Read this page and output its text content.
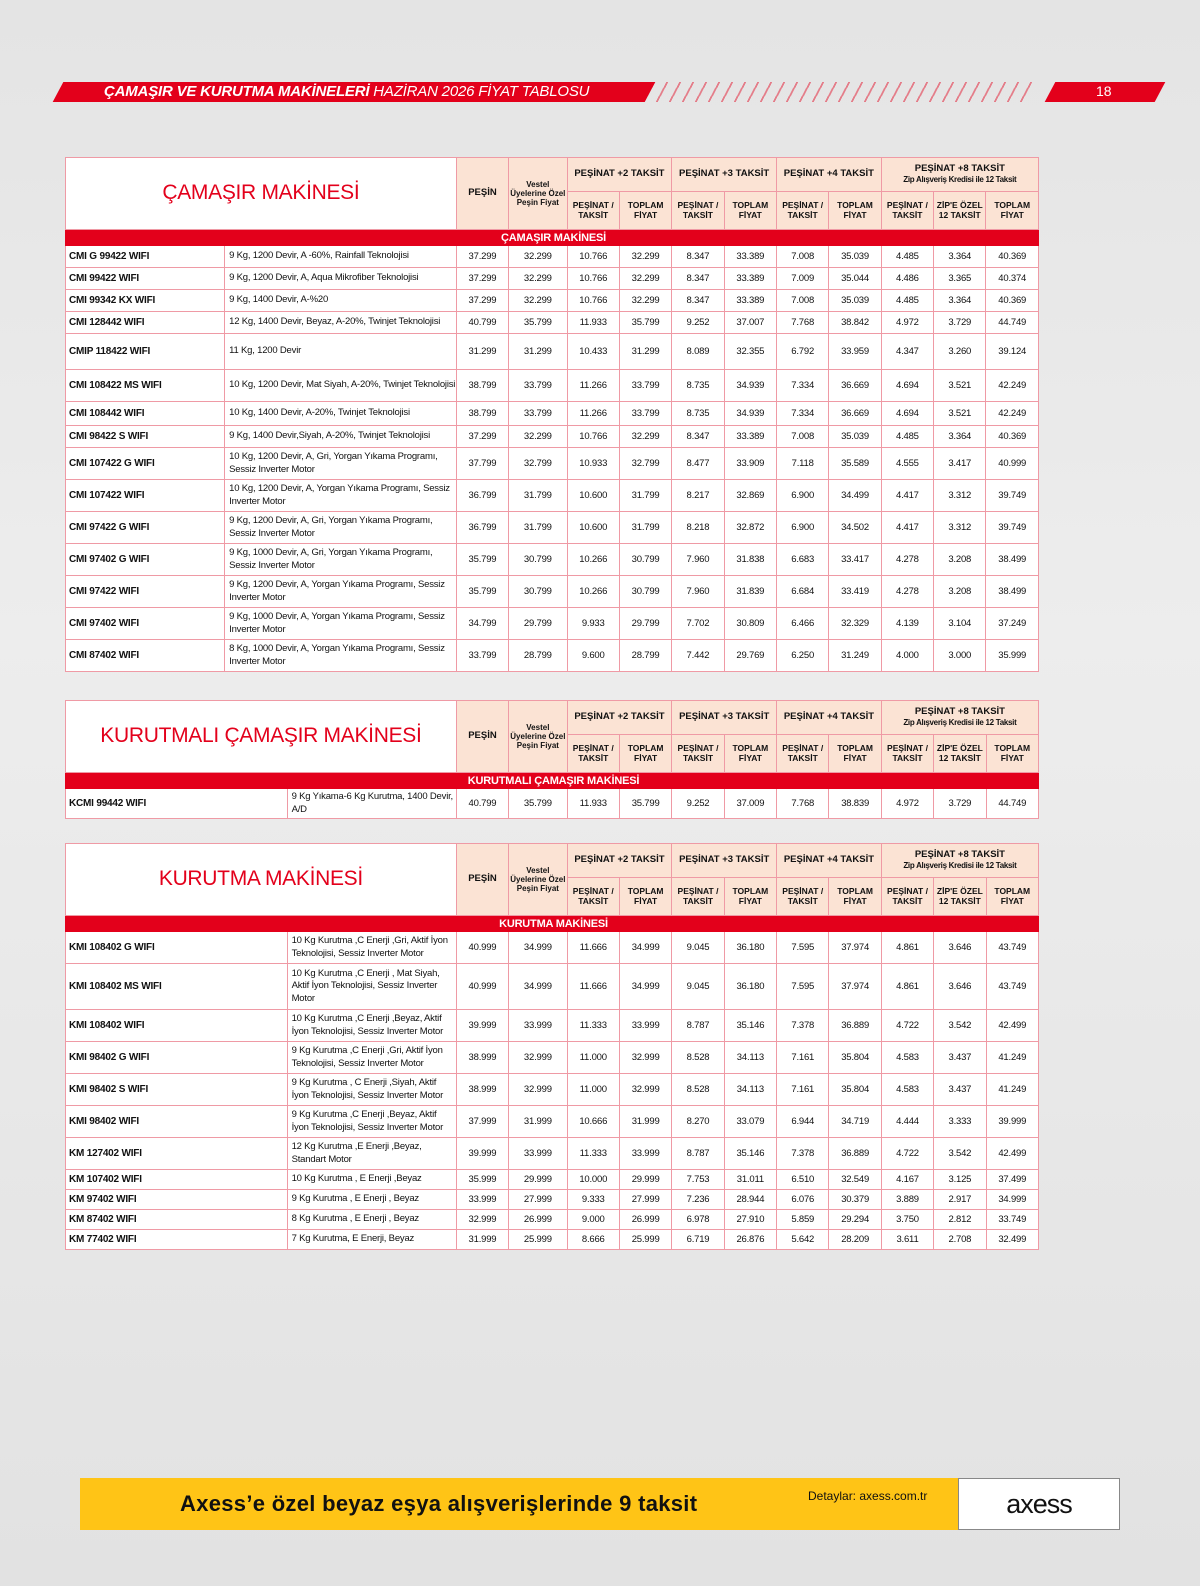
ÇAMAŞIR VE KURUTMA MAKİNELERİ HAZİRAN 2026 FİYAT TABLOSU	18
ÇAMAŞIR MAKİNESİ		PEŞİN	Vestel Üyelerine Özel Peşin Fiyat	PEŞİNAT +2 TAKSİT		PEŞİNAT +3 TAKSİT		PEŞİNAT +4 TAKSİT		PEŞİNAT +8 TAKSİT
Zip Alışveriş Kredisi ile 12 Taksit		

				PEŞİNAT / TAKSİT	TOPLAM FİYAT	PEŞİNAT / TAKSİT	TOPLAM FİYAT	PEŞİNAT / TAKSİT	TOPLAM FİYAT	PEŞİNAT / TAKSİT	ZİP'E ÖZEL 12 TAKSİT	TOPLAM FİYAT
ÇAMAŞIR MAKİNESİ												
CMI G 99422 WIFI	9 Kg, 1200 Devir, A -60%, Rainfall Teknolojisi	37.299	32.299	10.766	32.299	8.347	33.389	7.008	35.039	4.485	3.364	40.369
CMI 99422 WIFI	9 Kg, 1200 Devir, A, Aqua Mikrofiber Teknolojisi	37.299	32.299	10.766	32.299	8.347	33.389	7.009	35.044	4.486	3.365	40.374
CMI 99342 KX WIFI	9 Kg, 1400 Devir, A-%20	37.299	32.299	10.766	32.299	8.347	33.389	7.008	35.039	4.485	3.364	40.369
CMI 128442 WIFI	12 Kg, 1400 Devir, Beyaz, A-20%, Twinjet Teknolojisi	40.799	35.799	11.933	35.799	9.252	37.007	7.768	38.842	4.972	3.729	44.749
CMIP 118422 WIFI	11 Kg, 1200 Devir	31.299	31.299	10.433	31.299	8.089	32.355	6.792	33.959	4.347	3.260	39.124
CMI 108422 MS WIFI	10 Kg, 1200 Devir, Mat Siyah, A-20%, Twinjet Teknolojisi	38.799	33.799	11.266	33.799	8.735	34.939	7.334	36.669	4.694	3.521	42.249
CMI 108442 WIFI	10 Kg, 1400 Devir, A-20%, Twinjet Teknolojisi	38.799	33.799	11.266	33.799	8.735	34.939	7.334	36.669	4.694	3.521	42.249
CMI 98422 S WIFI	9 Kg, 1400 Devir,Siyah, A-20%, Twinjet Teknolojisi	37.299	32.299	10.766	32.299	8.347	33.389	7.008	35.039	4.485	3.364	40.369
CMI 107422 G WIFI	10 Kg, 1200 Devir, A, Gri, Yorgan Yıkama Programı, Sessiz Inverter Motor	37.799	32.799	10.933	32.799	8.477	33.909	7.118	35.589	4.555	3.417	40.999
CMI 107422 WIFI	10 Kg, 1200 Devir, A, Yorgan Yıkama Programı, Sessiz Inverter Motor	36.799	31.799	10.600	31.799	8.217	32.869	6.900	34.499	4.417	3.312	39.749
CMI 97422 G WIFI	9 Kg, 1200 Devir, A, Gri, Yorgan Yıkama Programı, Sessiz Inverter Motor	36.799	31.799	10.600	31.799	8.218	32.872	6.900	34.502	4.417	3.312	39.749
CMI 97402 G WIFI	9 Kg, 1000 Devir, A, Gri, Yorgan Yıkama Programı, Sessiz Inverter Motor	35.799	30.799	10.266	30.799	7.960	31.838	6.683	33.417	4.278	3.208	38.499
CMI 97422 WIFI	9 Kg, 1200 Devir, A, Yorgan Yıkama Programı, Sessiz Inverter Motor	35.799	30.799	10.266	30.799	7.960	31.839	6.684	33.419	4.278	3.208	38.499
CMI 97402 WIFI	9 Kg, 1000 Devir, A, Yorgan Yıkama Programı, Sessiz Inverter Motor	34.799	29.799	9.933	29.799	7.702	30.809	6.466	32.329	4.139	3.104	37.249
CMI 87402 WIFI	8 Kg, 1000 Devir, A, Yorgan Yıkama Programı, Sessiz Inverter Motor	33.799	28.799	9.600	28.799	7.442	29.769	6.250	31.249	4.000	3.000	35.999
KURUTMALI ÇAMAŞIR MAKİNESİ		PEŞİN	Vestel Üyelerine Özel Peşin Fiyat	PEŞİNAT +2 TAKSİT		PEŞİNAT +3 TAKSİT		PEŞİNAT +4 TAKSİT		PEŞİNAT +8 TAKSİT
Zip Alışveriş Kredisi ile 12 Taksit		

				PEŞİNAT / TAKSİT	TOPLAM FİYAT	PEŞİNAT / TAKSİT	TOPLAM FİYAT	PEŞİNAT / TAKSİT	TOPLAM FİYAT	PEŞİNAT / TAKSİT	ZİP'E ÖZEL 12 TAKSİT	TOPLAM FİYAT
KURUTMALI ÇAMAŞIR MAKİNESİ												
KCMI 99442 WIFI	9 Kg Yıkama-6 Kg Kurutma, 1400 Devir, A/D	40.799	35.799	11.933	35.799	9.252	37.009	7.768	38.839	4.972	3.729	44.749
KURUTMA MAKİNESİ		PEŞİN	Vestel Üyelerine Özel Peşin Fiyat	PEŞİNAT +2 TAKSİT		PEŞİNAT +3 TAKSİT		PEŞİNAT +4 TAKSİT		PEŞİNAT +8 TAKSİT
Zip Alışveriş Kredisi ile 12 Taksit		

				PEŞİNAT / TAKSİT	TOPLAM FİYAT	PEŞİNAT / TAKSİT	TOPLAM FİYAT	PEŞİNAT / TAKSİT	TOPLAM FİYAT	PEŞİNAT / TAKSİT	ZİP'E ÖZEL 12 TAKSİT	TOPLAM FİYAT
KURUTMA MAKİNESİ												
KMI 108402 G WIFI	10 Kg Kurutma ,C Enerji ,Gri, Aktif İyon Teknolojisi, Sessiz Inverter Motor	40.999	34.999	11.666	34.999	9.045	36.180	7.595	37.974	4.861	3.646	43.749
KMI 108402 MS WIFI	10 Kg Kurutma ,C Enerji , Mat Siyah, Aktif İyon Teknolojisi, Sessiz Inverter Motor	40.999	34.999	11.666	34.999	9.045	36.180	7.595	37.974	4.861	3.646	43.749
KMI 108402 WIFI	10 Kg Kurutma ,C Enerji ,Beyaz, Aktif İyon Teknolojisi, Sessiz Inverter Motor	39.999	33.999	11.333	33.999	8.787	35.146	7.378	36.889	4.722	3.542	42.499
KMI 98402 G WIFI	9 Kg Kurutma ,C Enerji ,Gri, Aktif İyon Teknolojisi, Sessiz Inverter Motor	38.999	32.999	11.000	32.999	8.528	34.113	7.161	35.804	4.583	3.437	41.249
KMI 98402 S WIFI	9 Kg Kurutma , C Enerji ,Siyah, Aktif İyon Teknolojisi, Sessiz Inverter Motor	38.999	32.999	11.000	32.999	8.528	34.113	7.161	35.804	4.583	3.437	41.249
KMI 98402 WIFI	9 Kg Kurutma ,C Enerji ,Beyaz, Aktif İyon Teknolojisi, Sessiz Inverter Motor	37.999	31.999	10.666	31.999	8.270	33.079	6.944	34.719	4.444	3.333	39.999
KM 127402 WIFI	12 Kg Kurutma ,E Enerji ,Beyaz, Standart Motor	39.999	33.999	11.333	33.999	8.787	35.146	7.378	36.889	4.722	3.542	42.499
KM 107402 WIFI	10 Kg Kurutma , E Enerji ,Beyaz	35.999	29.999	10.000	29.999	7.753	31.011	6.510	32.549	4.167	3.125	37.499
KM 97402 WIFI	9 Kg Kurutma , E Enerji , Beyaz	33.999	27.999	9.333	27.999	7.236	28.944	6.076	30.379	3.889	2.917	34.999
KM 87402 WIFI	8 Kg Kurutma , E Enerji , Beyaz	32.999	26.999	9.000	26.999	6.978	27.910	5.859	29.294	3.750	2.812	33.749
KM 77402 WIFI	7 Kg Kurutma, E Enerji, Beyaz	31.999	25.999	8.666	25.999	6.719	26.876	5.642	28.209	3.611	2.708	32.499
Axess’e özel beyaz eşya alışverişlerinde 9 taksit	Detaylar: axess.com.tr	axess
